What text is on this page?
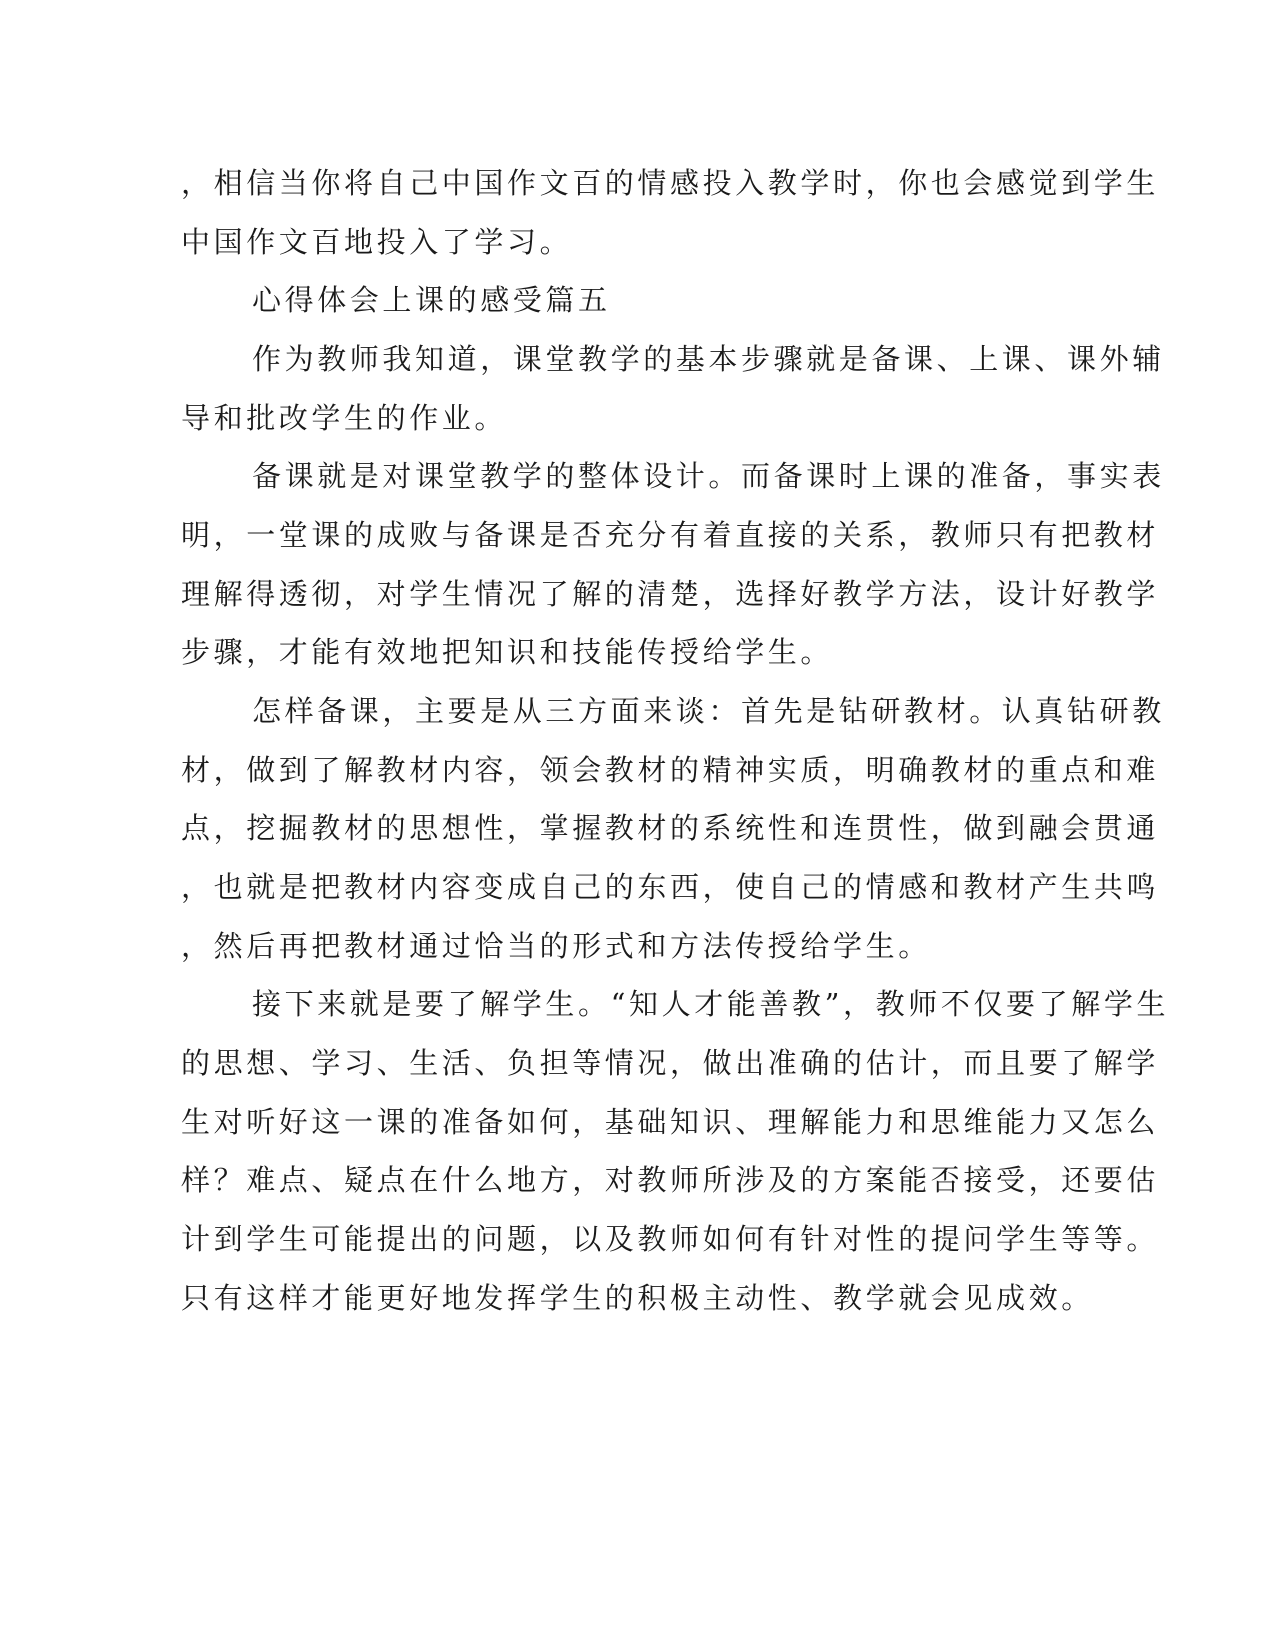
，相信当你将自己中国作文百的情感投入教学时，你也会感觉到学生
中国作文百地投入了学习。
心得体会上课的感受篇五
作为教师我知道，课堂教学的基本步骤就是备课、上课、课外辅
导和批改学生的作业。
备课就是对课堂教学的整体设计。而备课时上课的准备，事实表
明，一堂课的成败与备课是否充分有着直接的关系，教师只有把教材
理解得透彻，对学生情况了解的清楚，选择好教学方法，设计好教学
步骤，才能有效地把知识和技能传授给学生。
怎样备课，主要是从三方面来谈：首先是钻研教材。认真钻研教
材，做到了解教材内容，领会教材的精神实质，明确教材的重点和难
点，挖掘教材的思想性，掌握教材的系统性和连贯性，做到融会贯通
，也就是把教材内容变成自己的东西，使自己的情感和教材产生共鸣
，然后再把教材通过恰当的形式和方法传授给学生。
接下来就是要了解学生。“知人才能善教”，教师不仅要了解学生
的思想、学习、生活、负担等情况，做出准确的估计，而且要了解学
生对听好这一课的准备如何，基础知识、理解能力和思维能力又怎么
样？难点、疑点在什么地方，对教师所涉及的方案能否接受，还要估
计到学生可能提出的问题，以及教师如何有针对性的提问学生等等。
只有这样才能更好地发挥学生的积极主动性、教学就会见成效。
